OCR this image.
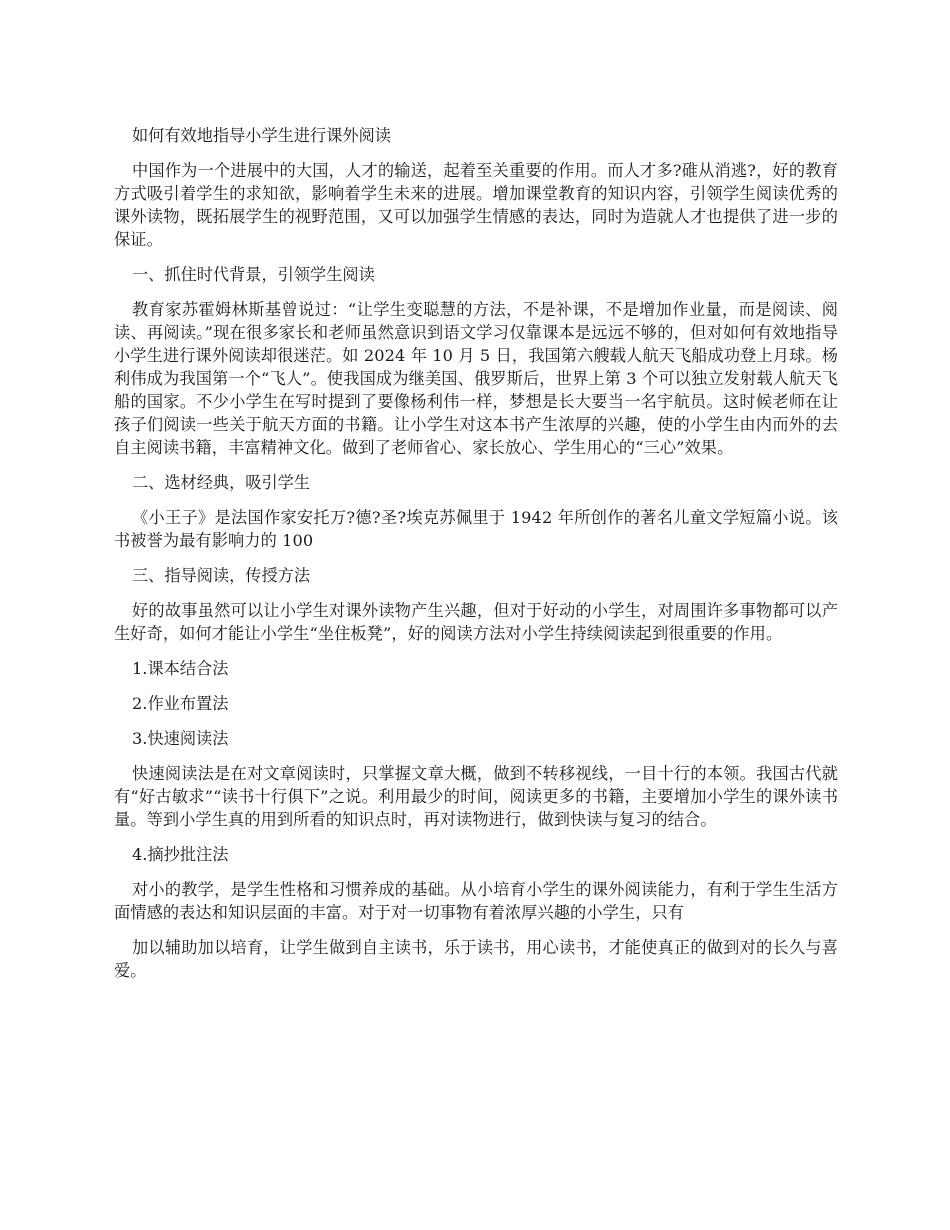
如何有效地指导小学生进行课外阅读

中国作为一个进展中的大国，人才的输送，起着至关重要的作用。而人才多?碓从消逃?，好的教育方式吸引着学生的求知欲，影响着学生未来的进展。增加课堂教育的知识内容，引领学生阅读优秀的课外读物，既拓展学生的视野范围，又可以加强学生情感的表达，同时为造就人才也提供了进一步的保证。

一、抓住时代背景，引领学生阅读

教育家苏霍姆林斯基曾说过：“让学生变聪慧的方法，不是补课，不是增加作业量，而是阅读、阅读、再阅读。”现在很多家长和老师虽然意识到语文学习仅靠课本是远远不够的，但对如何有效地指导小学生进行课外阅读却很迷茫。如 2024 年 10 月 5 日，我国第六艘载人航天飞船成功登上月球。杨利伟成为我国第一个“飞人”。使我国成为继美国、俄罗斯后，世界上第 3 个可以独立发射载人航天飞船的国家。不少小学生在写时提到了要像杨利伟一样，梦想是长大要当一名宇航员。这时候老师在让孩子们阅读一些关于航天方面的书籍。让小学生对这本书产生浓厚的兴趣，使的小学生由内而外的去自主阅读书籍，丰富精神文化。做到了老师省心、家长放心、学生用心的“三心”效果。

二、选材经典，吸引学生

《小王子》是法国作家安托万?德?圣?埃克苏佩里于 1942 年所创作的著名儿童文学短篇小说。该书被誉为最有影响力的 100

三、指导阅读，传授方法

好的故事虽然可以让小学生对课外读物产生兴趣，但对于好动的小学生，对周围许多事物都可以产生好奇，如何才能让小学生“坐住板凳”，好的阅读方法对小学生持续阅读起到很重要的作用。

1.课本结合法

2.作业布置法

3.快速阅读法

快速阅读法是在对文章阅读时，只掌握文章大概，做到不转移视线，一目十行的本领。我国古代就有“好古敏求”“读书十行俱下”之说。利用最少的时间，阅读更多的书籍，主要增加小学生的课外读书量。等到小学生真的用到所看的知识点时，再对读物进行，做到快读与复习的结合。

4.摘抄批注法

对小的教学，是学生性格和习惯养成的基础。从小培育小学生的课外阅读能力，有利于学生生活方面情感的表达和知识层面的丰富。对于对一切事物有着浓厚兴趣的小学生，只有

加以辅助加以培育，让学生做到自主读书，乐于读书，用心读书，才能使真正的做到对的长久与喜爱。
